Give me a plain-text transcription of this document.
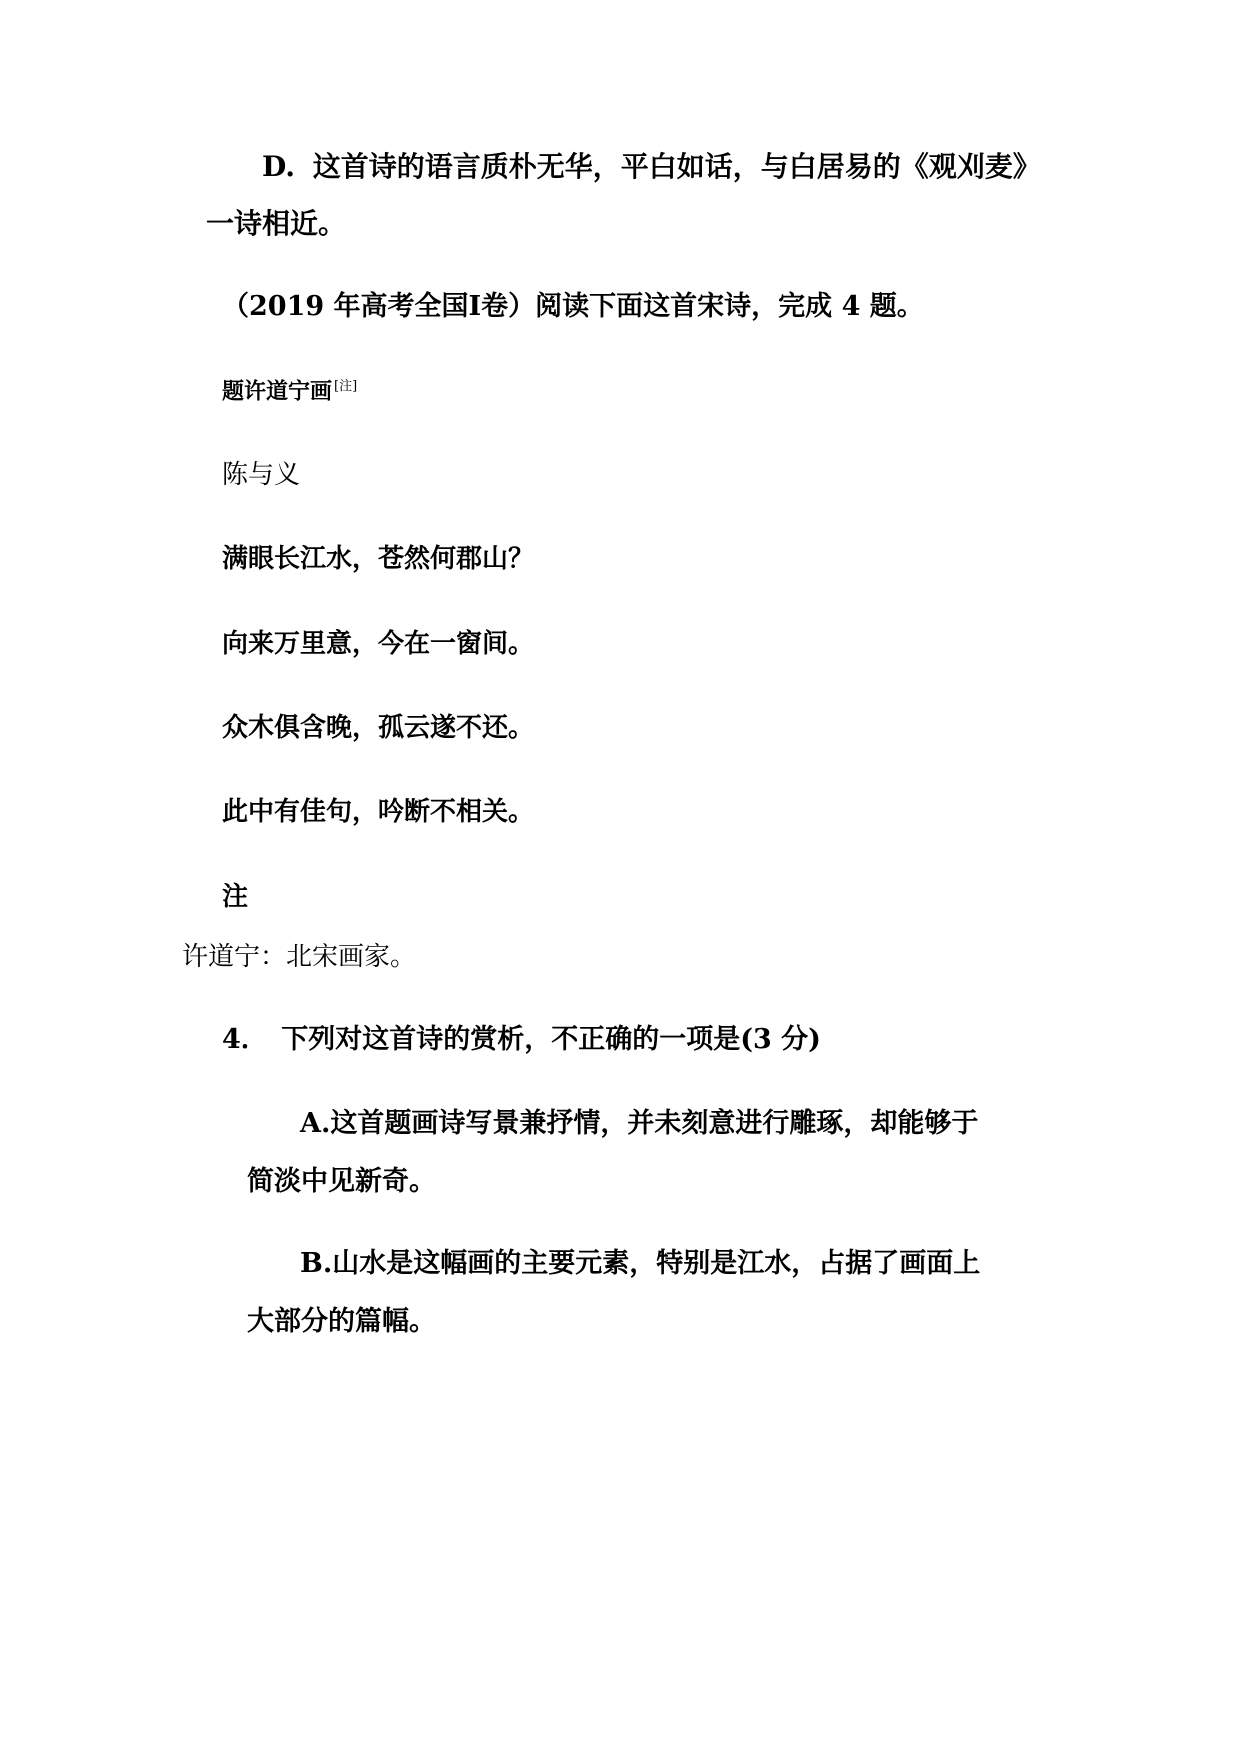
D. 这首诗的语言质朴无华，平白如话，与白居易的《观刈麦》
一诗相近。
（2019 年高考全国Ⅰ卷）阅读下面这首宋诗，完成 4 题。
题许道宁画 [注]
陈与义
满眼长江水，苍然何郡山？
向来万里意，今在一窗间。
众木俱含晚，孤云遂不还。
此中有佳句，吟断不相关。
注
许道宁：北宋画家。
4． 下列对这首诗的赏析，不正确的一项是(3 分)
A.这首题画诗写景兼抒情，并未刻意进行雕琢，却能够于
简淡中见新奇。
B.山水是这幅画的主要元素，特别是江水，占据了画面上
大部分的篇幅。
